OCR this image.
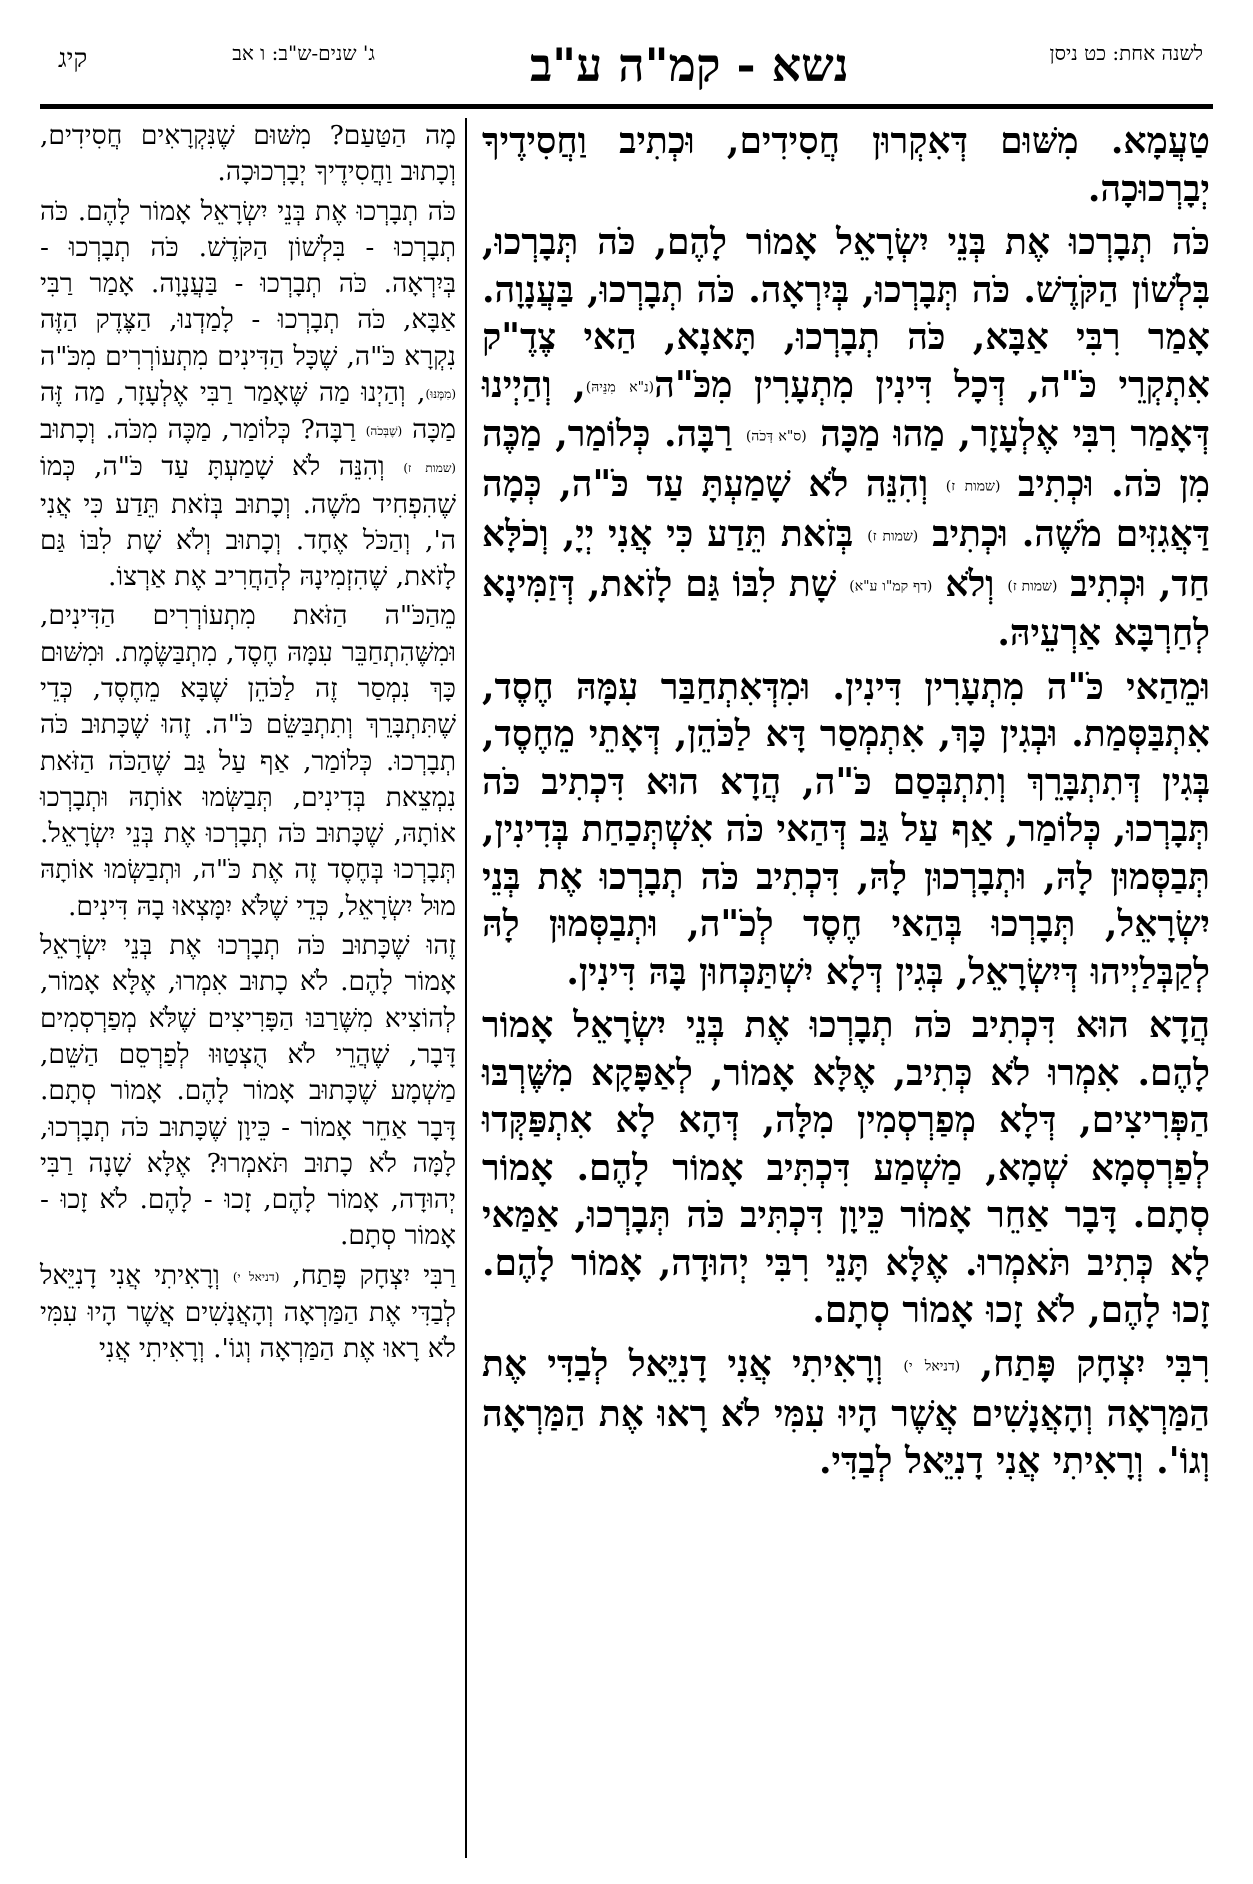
קיג	ג' שנים-ש"ב: ו אב	נשא - קמ"ה ע"ב	לשנה אחת: כט ניסן

טַעֲמָא. מִשּׁוּם דְּאִקְרוּן חֲסִידִים, וּכְתִיב וַחֲסִידֶיךָ יְבָרְכוּכָה.

כֹּה תְבָרְכוּ אֶת בְּנֵי יִשְׂרָאֵל אָמוֹר לָהֶם, כֹּה תְּבָרְכוּ, בִּלְשׁוֹן הַקֹּדֶשׁ. כֹּה תְּבָרְכוּ, בְּיִרְאָה. כֹּה תְבָרְכוּ, בַּעֲנָוָה. אָמַר רִבִּי אַבָּא, כֹּה תְבָרְכוּ, תָּאנָא, הַאי צֶדֶ"ק אִתְקְרֵי כֹּ"ה, דְּכָל דִּינִין מִתְעָרִין מִכֹּ"ה(נ"א מִנֵּיהּ), וְהַיְינוּ דְּאָמַר רִבִּי אֶלְעָזָר, מַהוּ מַכָּה (ס"א דְּכֹה) רַבָּה. כְּלוֹמַר, מַכֶּה מִן כֹּה. וּכְתִיב (שמות ז) וְהִנֵּה לֹא שָׁמַעְתָּ עַד כֹּ"ה, כְּמָה דַּאֲגִזִּים מֹשֶׁה. וּכְתִיב (שמות ז) בְּזֹאת תֵּדַע כִּי אֲנִי יְיָ, וְכֹלָּא חַד, וּכְתִיב (שמות ז) וְלֹא (דף קמ"ו ע"א) שָׁת לִבּוֹ גַּם לָזֹאת, דְּזַמִּינָא לְחַרְבָּא אַרְעֵיהּ.

וּמֵהַאי כֹּ"ה מִתְעָרִין דִּינִין. וּמִדְּאִתְחַבַּר עִמָּהּ חֶסֶד, אִתְבַּסְּמַת. וּבְגִין כָּךְ, אִתְמְסַר דָּא לַכֹּהֵן, דְּאָתֵי מֵחֶסֶד, בְּגִין דְּתִתְבָּרֵךְ וְתִתְבְּסַם כֹּ"ה, הֲדָא הוּא דִּכְתִיב כֹּה תְּבָרְכוּ, כְּלוֹמַר, אַף עַל גַּב דְּהַאי כֹּה אִשְׁתְּכַחַת בְּדִינִין, תְּבַסְּמוּן לָהּ, וּתְבָרְכוּן לָהּ, דִּכְתִיב כֹּה תְבָרְכוּ אֶת בְּנֵי יִשְׂרָאֵל, תְּבָרְכוּ בְּהַאי חֶסֶד לְכֹ"ה, וּתְבַסְּמוּן לָהּ לְקַבְּלַיְיהוּ דְּיִשְׂרָאֵל, בְּגִין דְּלָא יִשְׁתַּכְּחוּן בָּהּ דִּינִין.

הֲדָא הוּא דִּכְתִיב כֹּה תְבָרְכוּ אֶת בְּנֵי יִשְׂרָאֵל אָמוֹר לָהֶם. אִמְרוּ לֹא כְּתִיב, אֶלָּא אָמוֹר, לְאַפָּקָא מִשֶּׁרְבּוּ הַפְּרִיצִים, דְּלָא מְפַרְסְמִין מִלָּה, דְּהָא לָא אִתְפַּקְּדוּ לְפַרְסְמָא שְׁמָא, מַשְׁמַע דִּכְתִּיב אָמוֹר לָהֶם. אָמוֹר סְתָם. דָּבָר אַחֵר אָמוֹר כֵּיוָן דִּכְתִּיב כֹּה תְּבָרְכוּ, אַמַּאי לָא כְּתִיב תֹּאמְרוּ. אֶלָּא תָּנֵי רִבִּי יְהוּדָה, אָמוֹר לָהֶם. זָכוּ לָהֶם, לֹא זָכוּ אָמוֹר סְתָם.

רִבִּי יִצְחָק פָּתַח, (דניאל י) וְרָאִיתִי אֲנִי דָנִיֵּאל לְבַדִּי אֶת הַמַּרְאָה וְהָאֲנָשִׁים אֲשֶׁר הָיוּ עִמִּי לֹא רָאוּ אֶת הַמַּרְאָה וְגוֹ'. וְרָאִיתִי אֲנִי דָנִיֵּאל לְבַדִּי.

מָה הַטַּעַם? מִשּׁוּם שֶׁנִּקְרָאִים חֲסִידִים, וְכָתוּב וַחֲסִידֶיךָ יְבָרְכוּכָה.

כֹּה תְבָרְכוּ אֶת בְּנֵי יִשְׂרָאֵל אָמוֹר לָהֶם. כֹּה תְבָרְכוּ - בִּלְשׁוֹן הַקֹּדֶשׁ. כֹּה תְבָרְכוּ - בְּיִרְאָה. כֹּה תְבָרְכוּ - בַּעֲנָוָה. אָמַר רַבִּי אַבָּא, כֹּה תְבָרְכוּ - לָמַדְנוּ, הַצֶּדֶק הַזֶּה נִקְרָא כֹּ"ה, שֶׁכָּל הַדִּינִים מִתְעוֹרְרִים מִכֹּ"ה (מִמֶּנּוּ), וְהַיְנוּ מַה שֶּׁאָמַר רַבִּי אֶלְעָזָר, מַה זֶּה מַכָּה (שֶׁבְּכֹה) רַבָּה? כְּלוֹמַר, מַכֶּה מִכֹּה. וְכָתוּב (שמות ז) וְהִנֵּה לֹא שָׁמַעְתָּ עַד כֹּ"ה, כְּמוֹ שֶׁהִפְחִיד מֹשֶׁה. וְכָתוּב בְּזֹאת תֵּדַע כִּי אֲנִי ה', וְהַכֹּל אֶחָד. וְכָתוּב וְלֹא שָׁת לִבּוֹ גַּם לָזֹאת, שֶׁהִזְמִינָהּ לְהַחֲרִיב אֶת אַרְצוֹ.

מֵהַכֹּ"ה הַזֹּאת מִתְעוֹרְרִים הַדִּינִים, וּמִשֶּׁהִתְחַבֵּר עִמָּהּ חֶסֶד, מִתְבַּשֶּׂמֶת. וּמִשּׁוּם כָּךְ נִמְסַר זֶה לַכֹּהֵן שֶׁבָּא מֵחֶסֶד, כְּדֵי שֶׁתִּתְבָּרֵךְ וְתִתְבַּשֵּׂם כֹּ"ה. זֶהוּ שֶׁכָּתוּב כֹּה תְבָרְכוּ. כְּלוֹמַר, אַף עַל גַּב שֶׁהַכֹּה הַזֹּאת נִמְצֵאת בְּדִינִים, תְּבַשְּׂמוּ אוֹתָהּ וּתְבָרְכוּ אוֹתָהּ, שֶׁכָּתוּב כֹּה תְבָרְכוּ אֶת בְּנֵי יִשְׂרָאֵל. תְּבָרְכוּ בְּחֶסֶד זֶה אֶת כֹּ"ה, וּתְבַשְּׂמוּ אוֹתָהּ מוּל יִשְׂרָאֵל, כְּדֵי שֶׁלֹּא יִמָּצְאוּ בָהּ דִּינִים.

זֶהוּ שֶׁכָּתוּב כֹּה תְבָרְכוּ אֶת בְּנֵי יִשְׂרָאֵל אָמוֹר לָהֶם. לֹא כָתוּב אִמְרוּ, אֶלָּא אָמוֹר, לְהוֹצִיא מִשֶּׁרַבּוּ הַפָּרִיצִים שֶׁלֹּא מְפַרְסְמִים דָּבָר, שֶׁהֲרֵי לֹא הֻצְטַוּוּ לְפַרְסֵם הַשֵּׁם, מַשְׁמָע שֶׁכָּתוּב אָמוֹר לָהֶם. אָמוֹר סְתָם. דָּבָר אַחֵר אָמוֹר - כֵּיוָן שֶׁכָּתוּב כֹּה תְבָרְכוּ, לָמָּה לֹא כָתוּב תֹּאמְרוּ? אֶלָּא שָׁנָה רַבִּי יְהוּדָה, אָמוֹר לָהֶם, זָכוּ - לָהֶם. לֹא זָכוּ - אָמוֹר סְתָם.

רַבִּי יִצְחָק פָּתַח, (דניאל י) וְרָאִיתִי אֲנִי דָנִיֵּאל לְבַדִּי אֶת הַמַּרְאָה וְהָאֲנָשִׁים אֲשֶׁר הָיוּ עִמִּי לֹא רָאוּ אֶת הַמַּרְאָה וְגוֹ'. וְרָאִיתִי אֲנִי
